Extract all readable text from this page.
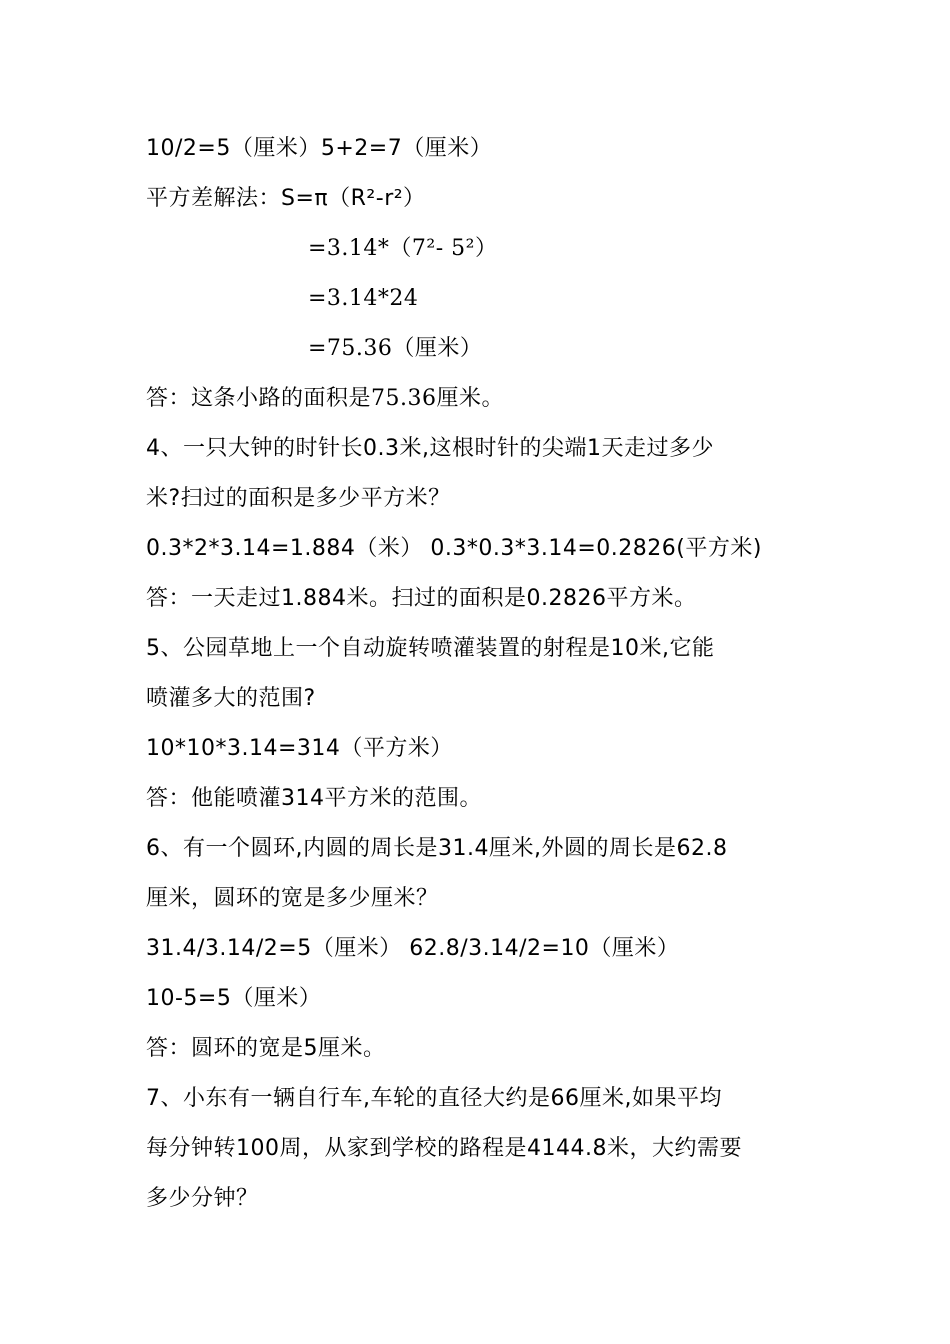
10/2=5（厘米）5+2=7（厘米）
平方差解法：S=π（R²-r²）
=3.14*（7²- 5²）
=3.14*24
=75.36（厘米）
答：这条小路的面积是75.36厘米。
4、一只大钟的时针长0.3米,这根时针的尖端1天走过多少
米?扫过的面积是多少平方米？
0.3*2*3.14=1.884（米） 0.3*0.3*3.14=0.2826(平方米)
答：一天走过1.884米。扫过的面积是0.2826平方米。
5、公园草地上一个自动旋转喷灌装置的射程是10米,它能
喷灌多大的范围?
10*10*3.14=314（平方米）
答：他能喷灌314平方米的范围。
6、有一个圆环,内圆的周长是31.4厘米,外圆的周长是62.8
厘米，圆环的宽是多少厘米？
31.4/3.14/2=5（厘米） 62.8/3.14/2=10（厘米）
10-5=5（厘米）
答：圆环的宽是5厘米。
7、小东有一辆自行车,车轮的直径大约是66厘米,如果平均
每分钟转100周，从家到学校的路程是4144.8米，大约需要
多少分钟？
